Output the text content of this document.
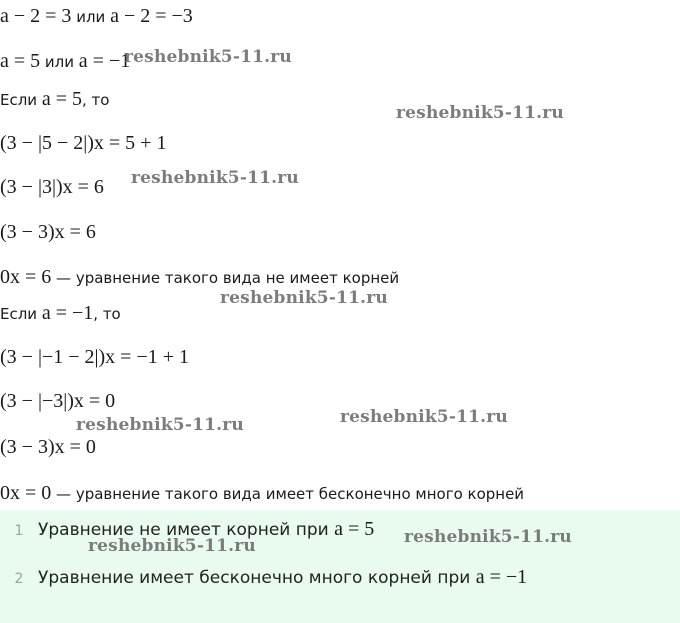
a − 2 = 3 или a − 2 = −3
a = 5 или a = −1
Если a = 5, то
(3 − |5 − 2|)x = 5 + 1
(3 − |3|)x = 6
(3 − 3)x = 6
0x = 6 — уравнение такого вида не имеет корней
Если a = −1, то
(3 − |−1 − 2|)x = −1 + 1
(3 − |−3|)x = 0
(3 − 3)x = 0
0x = 0 — уравнение такого вида имеет бесконечно много корней
1 Уравнение не имеет корней при a = 5
2 Уравнение имеет бесконечно много корней при a = −1
reshebnik5-11.ru
reshebnik5-11.ru
reshebnik5-11.ru
reshebnik5-11.ru
reshebnik5-11.ru
reshebnik5-11.ru
reshebnik5-11.ru
reshebnik5-11.ru
